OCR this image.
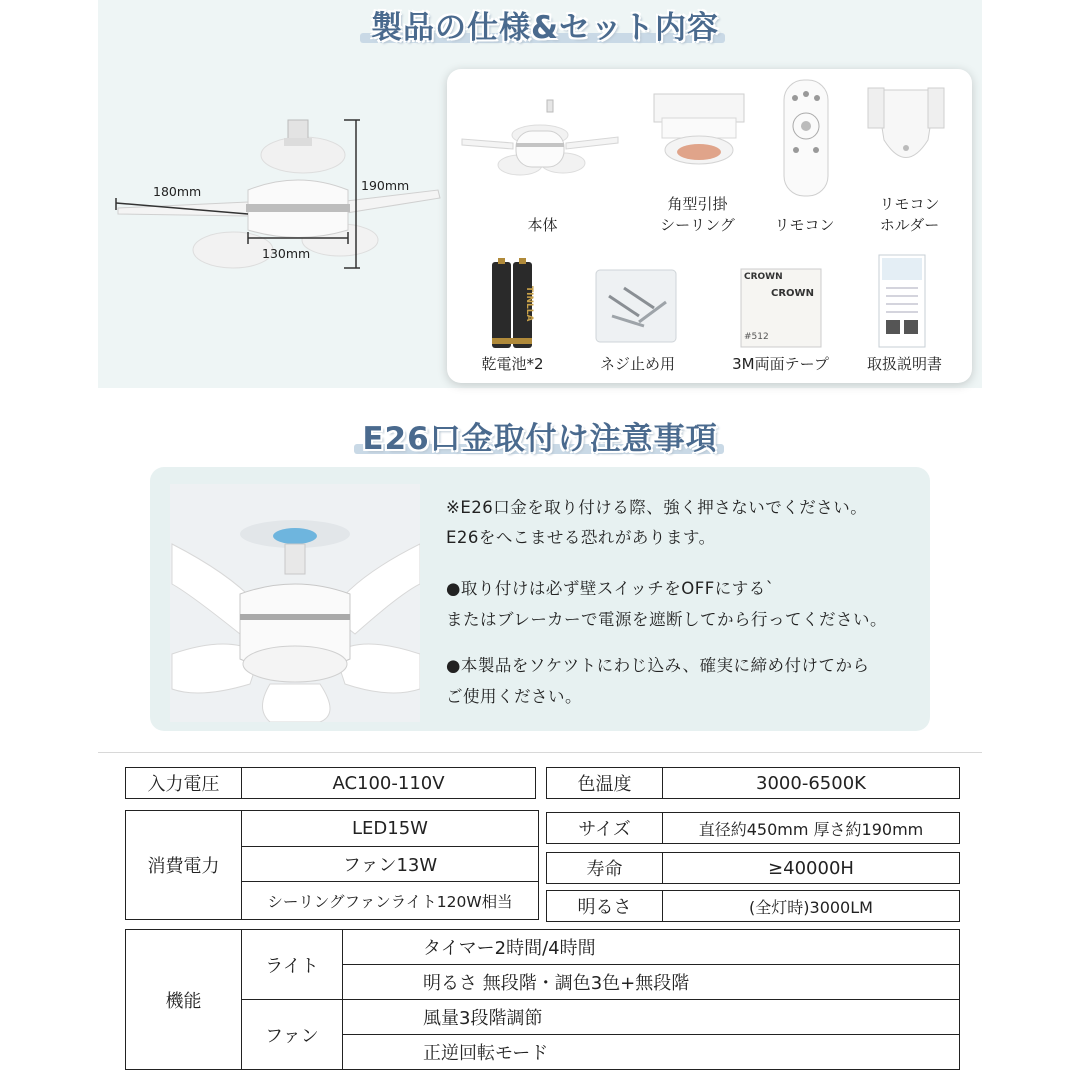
製品の仕様&セット内容
180mm	190mm
130mm
本体
角型引掛
シーリング	リモコン
リモコン
ホルダー
TINLLA
CROWN
CROWN
#512
乾電池*2	ネジ止め用	3M両面テープ	取扱説明書
E26口金取付け注意事項
※E26口金を取り付ける際、強く押さないでください。
E26をへこませる恐れがあります。
●取り付けは必ず壁スイッチをOFFにする`
またはブレーカーで電源を遮断してから行ってください。
●本製品をソケツトにわじ込み、確実に締め付けてから
ご使用ください。
入力電圧	AC100-110V	色温度	3000-6500K
消費電力	LED15W
ファン13W
シーリングファンライト120W相当
サイズ	直径約450mm 厚さ約190mm
寿命	≥40000H
明るさ	(全灯時)3000LM
機能	ライト	タイマー2時間/4時間
		明るさ 無段階・調色3色+無段階
	ファン	風量3段階調節
		正逆回転モード
